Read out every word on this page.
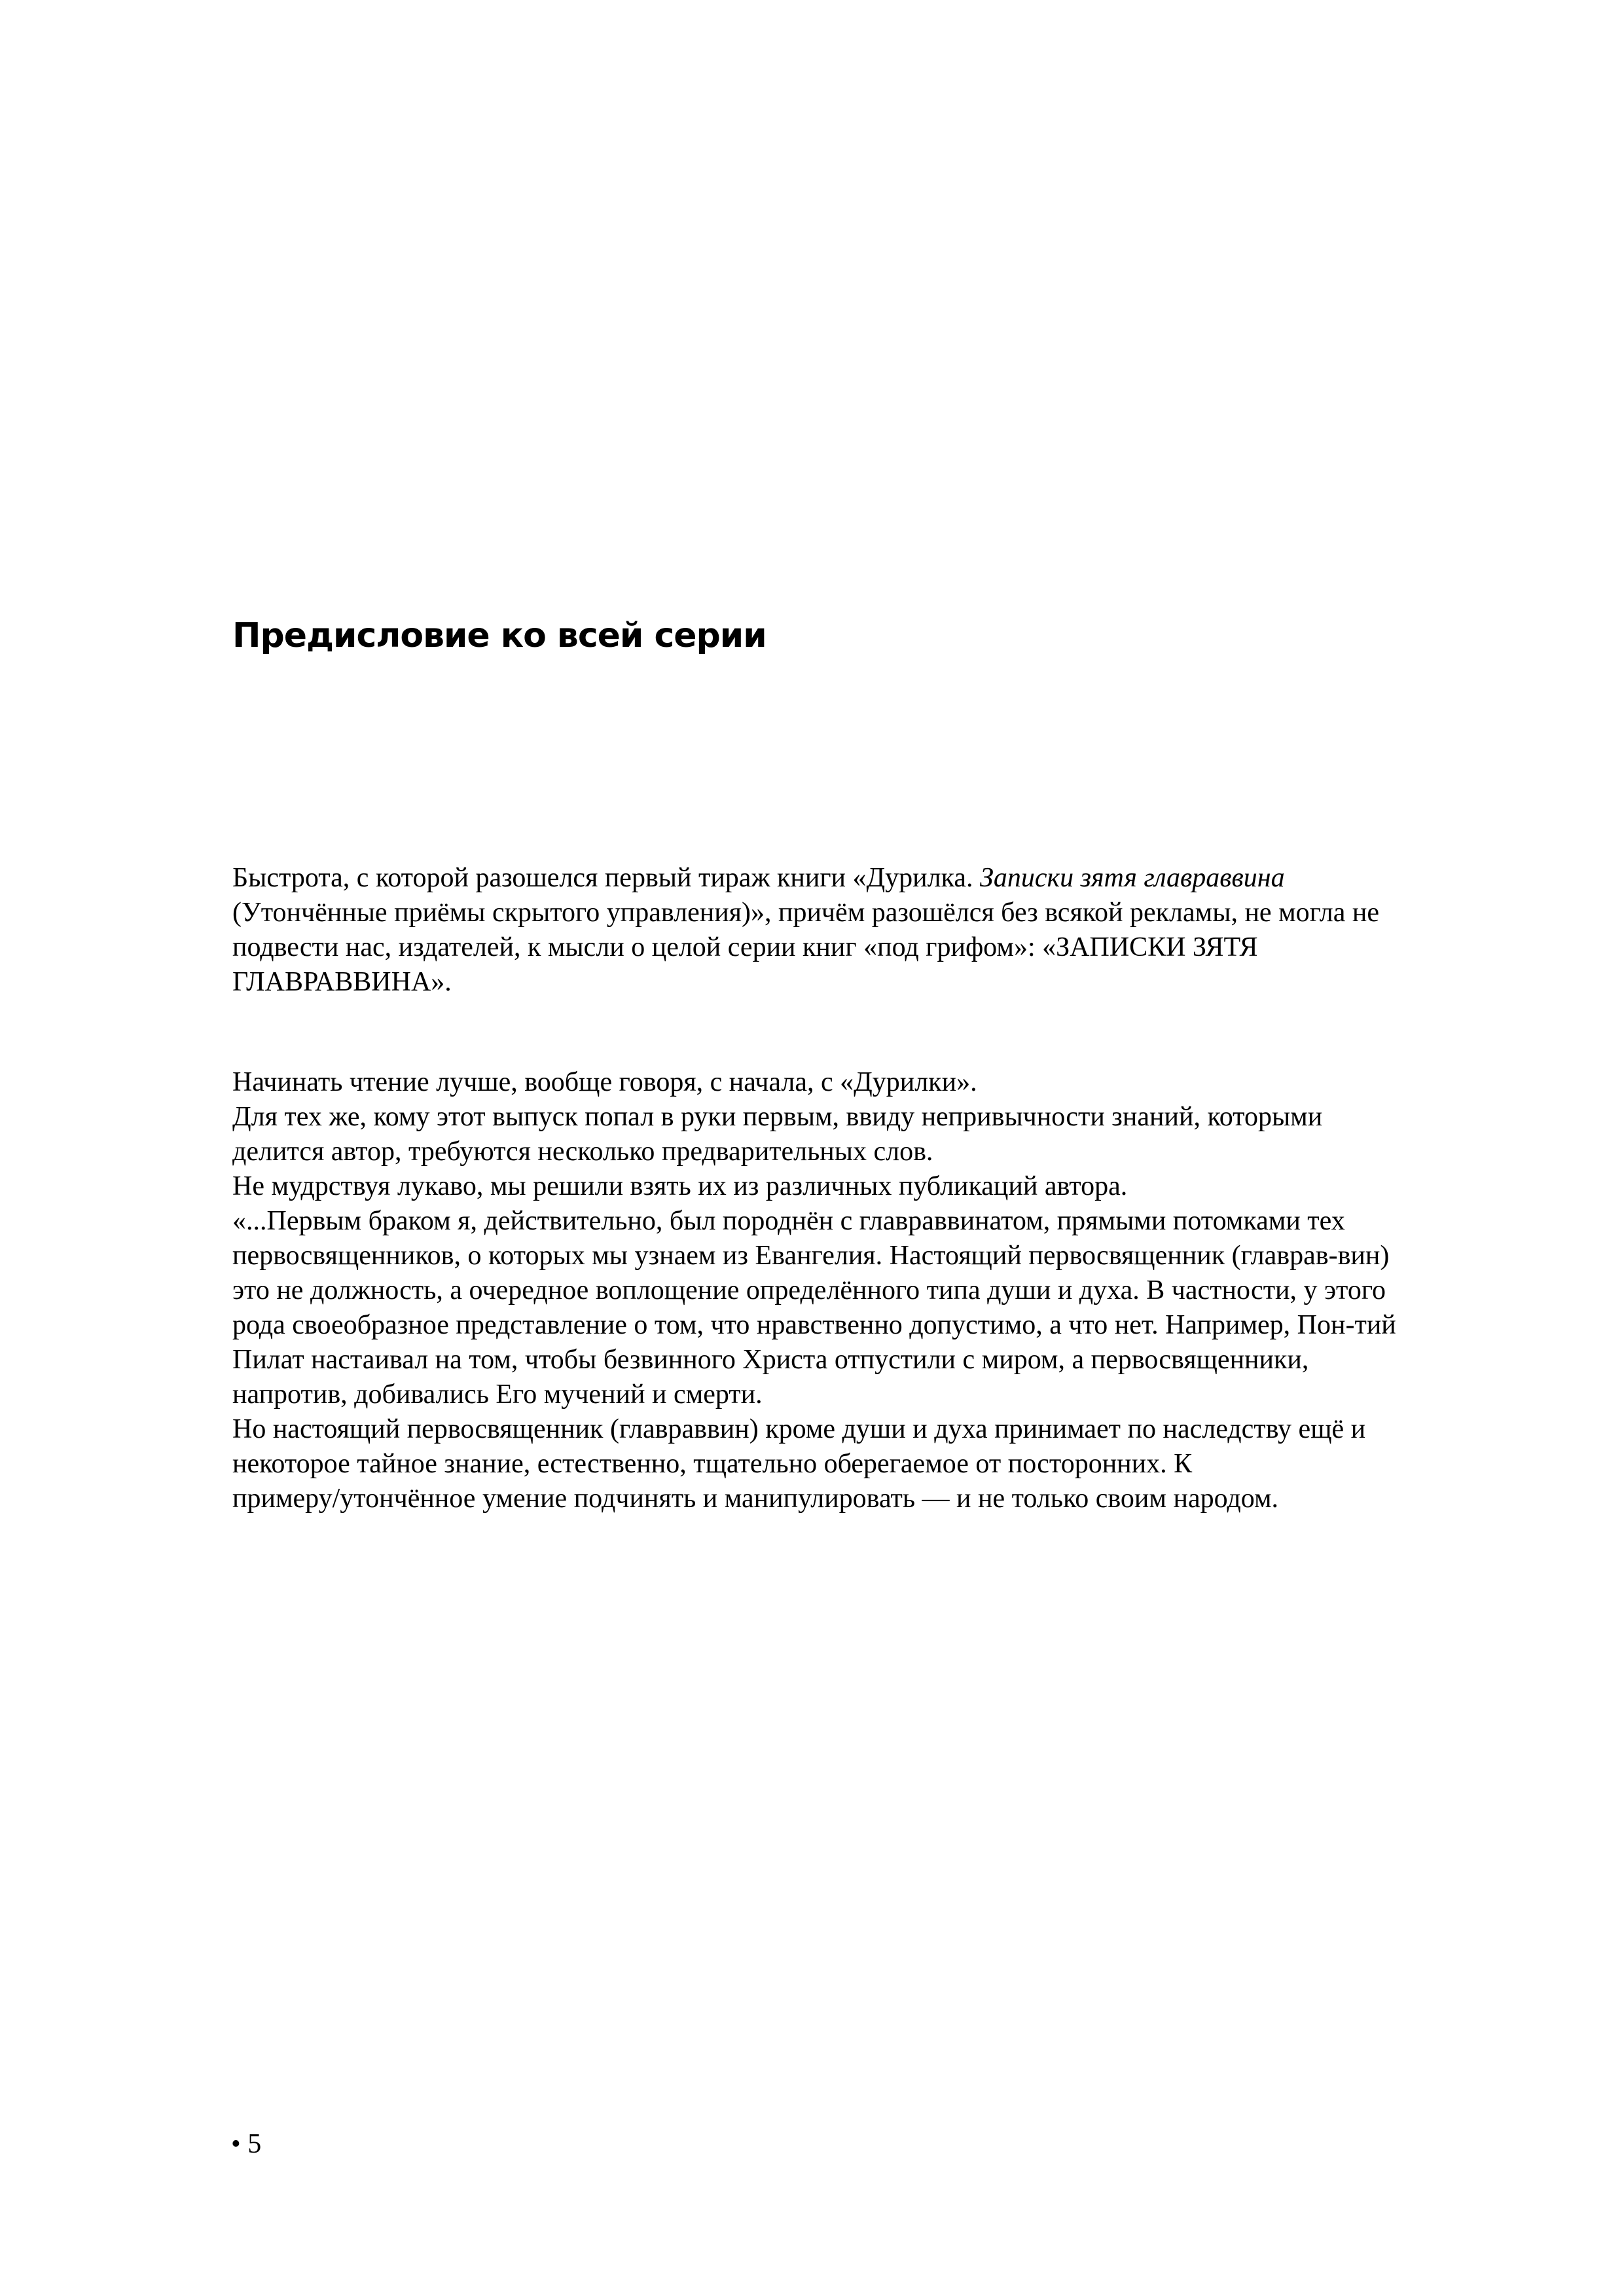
Предисловие ко всей серии

Быстрота, с которой разошелся первый тираж книги «Дурилка. Записки зятя главраввина

(Утончённые приёмы скрытого управления)», причём разошёлся без всякой рекламы, не могла не

подвести нас, издателей, к мысли о целой серии книг «под грифом»: «ЗАПИСКИ ЗЯТЯ

ГЛАВРАВВИНА».

Начинать чтение лучше, вообще говоря, с начала, с «Дурилки».

Для тех же, кому этот выпуск попал в руки первым, ввиду непривычности знаний, которыми

делится автор, требуются несколько предварительных слов.

Не мудрствуя лукаво, мы решили взять их из различных публикаций автора.

«...Первым браком я, действительно, был породнён с главраввинатом, прямыми потомками тех

первосвященников, о которых мы узнаем из Евангелия. Настоящий первосвященник (главрав-вин)

это не должность, а очередное воплощение определённого типа души и духа. В частности, у этого

рода своеобразное представление о том, что нравственно допустимо, а что нет. Например, Пон-тий

Пилат настаивал на том, чтобы безвинного Христа отпустили с миром, а первосвященники,

напротив, добивались Его мучений и смерти.

Но настоящий первосвященник (главраввин) кроме души и духа принимает по наследству ещё и

некоторое тайное знание, естественно, тщательно оберегаемое от посторонних. К

примеру/утончённое умение подчинять и манипулировать — и не только своим народом.

• 5
